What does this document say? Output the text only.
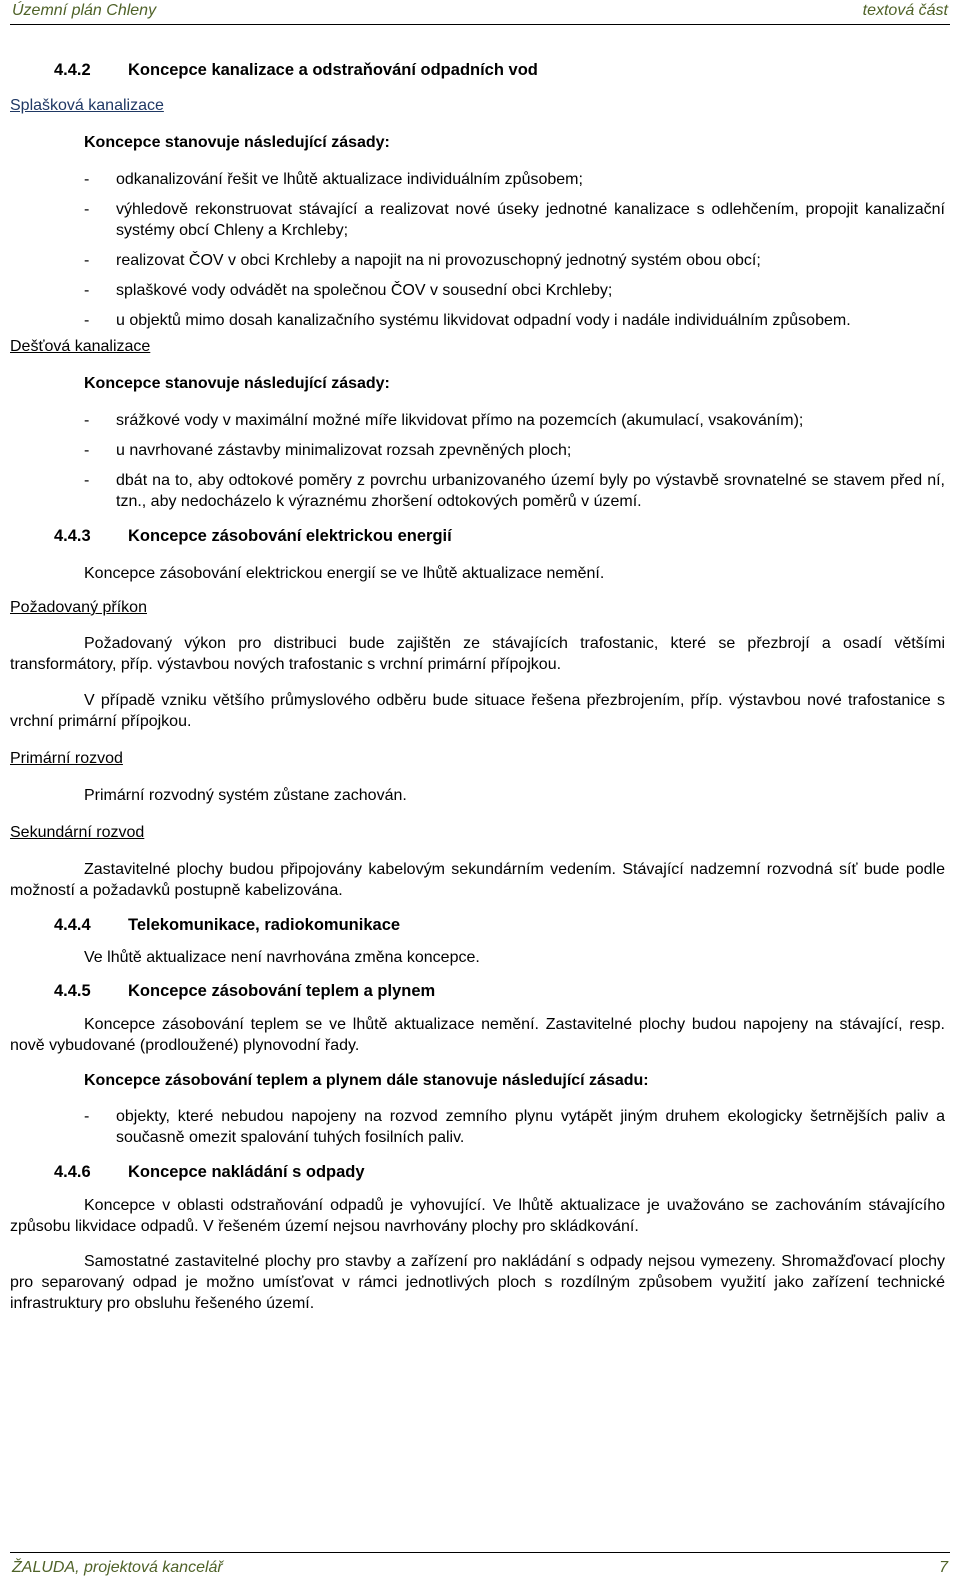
Územní plán Chleny	textová část
4.4.2	Koncepce kanalizace a odstraňování odpadních vod
Splašková kanalizace
Koncepce stanovuje následující zásady:
- odkanalizování řešit ve lhůtě aktualizace individuálním způsobem;
- výhledově rekonstruovat stávající a realizovat nové úseky jednotné kanalizace s odlehčením, propojit kanalizační systémy obcí Chleny a Krchleby;
- realizovat ČOV v obci Krchleby a napojit na ni provozuschopný jednotný systém obou obcí;
- splaškové vody odvádět na společnou ČOV v sousední obci Krchleby;
- u objektů mimo dosah kanalizačního systému likvidovat odpadní vody i nadále individuálním způsobem.
Dešťová kanalizace
Koncepce stanovuje následující zásady:
- srážkové vody v maximální možné míře likvidovat přímo na pozemcích (akumulací, vsakováním);
- u navrhované zástavby minimalizovat rozsah zpevněných ploch;
- dbát na to, aby odtokové poměry z povrchu urbanizovaného území byly po výstavbě srovnatelné se stavem před ní, tzn., aby nedocházelo k výraznému zhoršení odtokových poměrů v území.
4.4.3	Koncepce zásobování elektrickou energií
Koncepce zásobování elektrickou energií se ve lhůtě aktualizace nemění.
Požadovaný příkon
Požadovaný výkon pro distribuci bude zajištěn ze stávajících trafostanic, které se přezbrojí a osadí většími transformátory, příp. výstavbou nových trafostanic s vrchní primární přípojkou.
V případě vzniku většího průmyslového odběru bude situace řešena přezbrojením, příp. výstavbou nové trafostanice s vrchní primární přípojkou.
Primární rozvod
Primární rozvodný systém zůstane zachován.
Sekundární rozvod
Zastavitelné plochy budou připojovány kabelovým sekundárním vedením. Stávající nadzemní rozvodná síť bude podle možností a požadavků postupně kabelizována.
4.4.4	Telekomunikace, radiokomunikace
Ve lhůtě aktualizace není navrhována změna koncepce.
4.4.5	Koncepce zásobování teplem a plynem
Koncepce zásobování teplem se ve lhůtě aktualizace nemění. Zastavitelné plochy budou napojeny na stávající, resp. nově vybudované (prodloužené) plynovodní řady.
Koncepce zásobování teplem a plynem dále stanovuje následující zásadu:
- objekty, které nebudou napojeny na rozvod zemního plynu vytápět jiným druhem ekologicky šetrnějších paliv a současně omezit spalování tuhých fosilních paliv.
4.4.6	Koncepce nakládání s odpady
Koncepce v oblasti odstraňování odpadů je vyhovující. Ve lhůtě aktualizace je uvažováno se zachováním stávajícího způsobu likvidace odpadů. V řešeném území nejsou navrhovány plochy pro skládkování.
Samostatné zastavitelné plochy pro stavby a zařízení pro nakládání s odpady nejsou vymezeny. Shromažďovací plochy pro separovaný odpad je možno umísťovat v rámci jednotlivých ploch s rozdílným způsobem využití jako zařízení technické infrastruktury pro obsluhu řešeného území.
ŽALUDA, projektová kancelář	7
